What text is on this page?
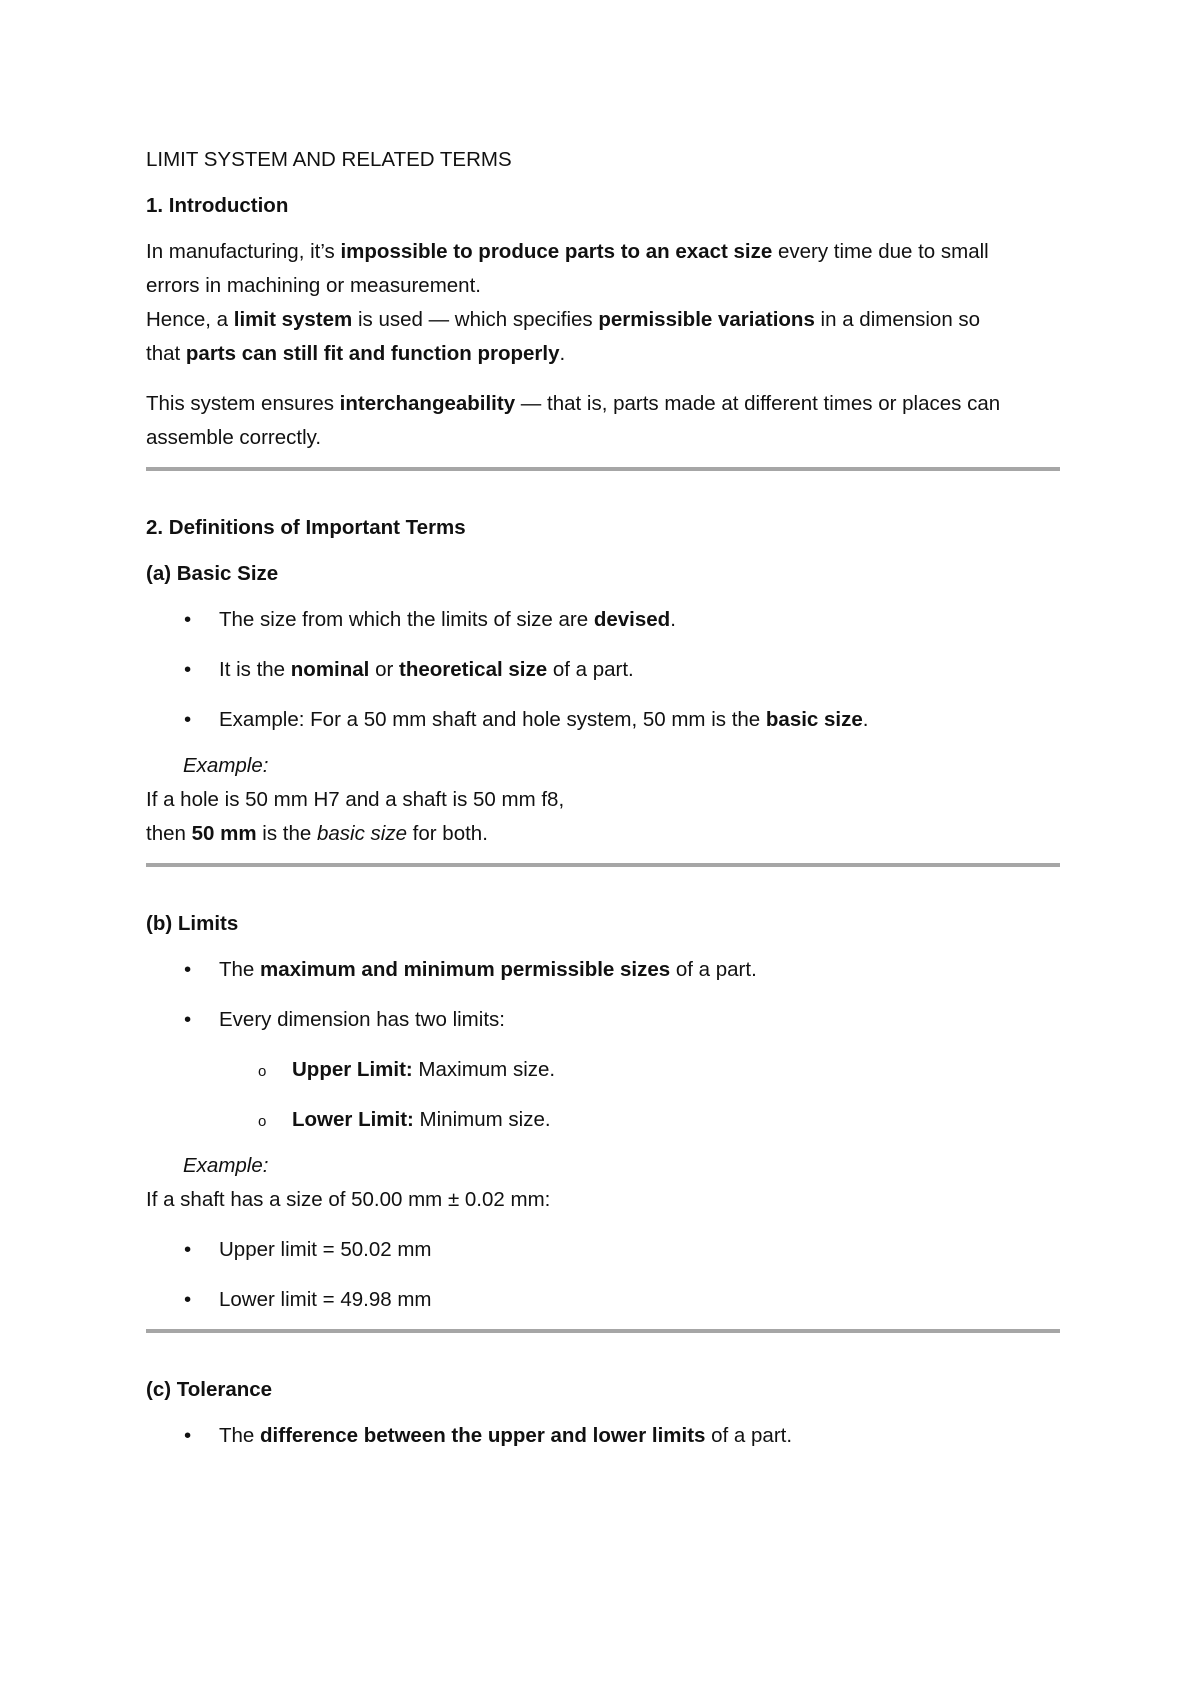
LIMIT SYSTEM AND RELATED TERMS

1. Introduction

In manufacturing, it’s impossible to produce parts to an exact size every time due to small

errors in machining or measurement.

Hence, a limit system is used — which specifies permissible variations in a dimension so

that parts can still fit and function properly.

This system ensures interchangeability — that is, parts made at different times or places can

assemble correctly.

2. Definitions of Important Terms

(a) Basic Size

• The size from which the limits of size are devised.
• It is the nominal or theoretical size of a part.
• Example: For a 50 mm shaft and hole system, 50 mm is the basic size.

Example:

If a hole is 50 mm H7 and a shaft is 50 mm f8,

then 50 mm is the basic size for both.

(b) Limits

• The maximum and minimum permissible sizes of a part.
• Every dimension has two limits:
o Upper Limit: Maximum size.
o Lower Limit: Minimum size.

Example:

If a shaft has a size of 50.00 mm ± 0.02 mm:

• Upper limit = 50.02 mm
• Lower limit = 49.98 mm

(c) Tolerance

• The difference between the upper and lower limits of a part.
